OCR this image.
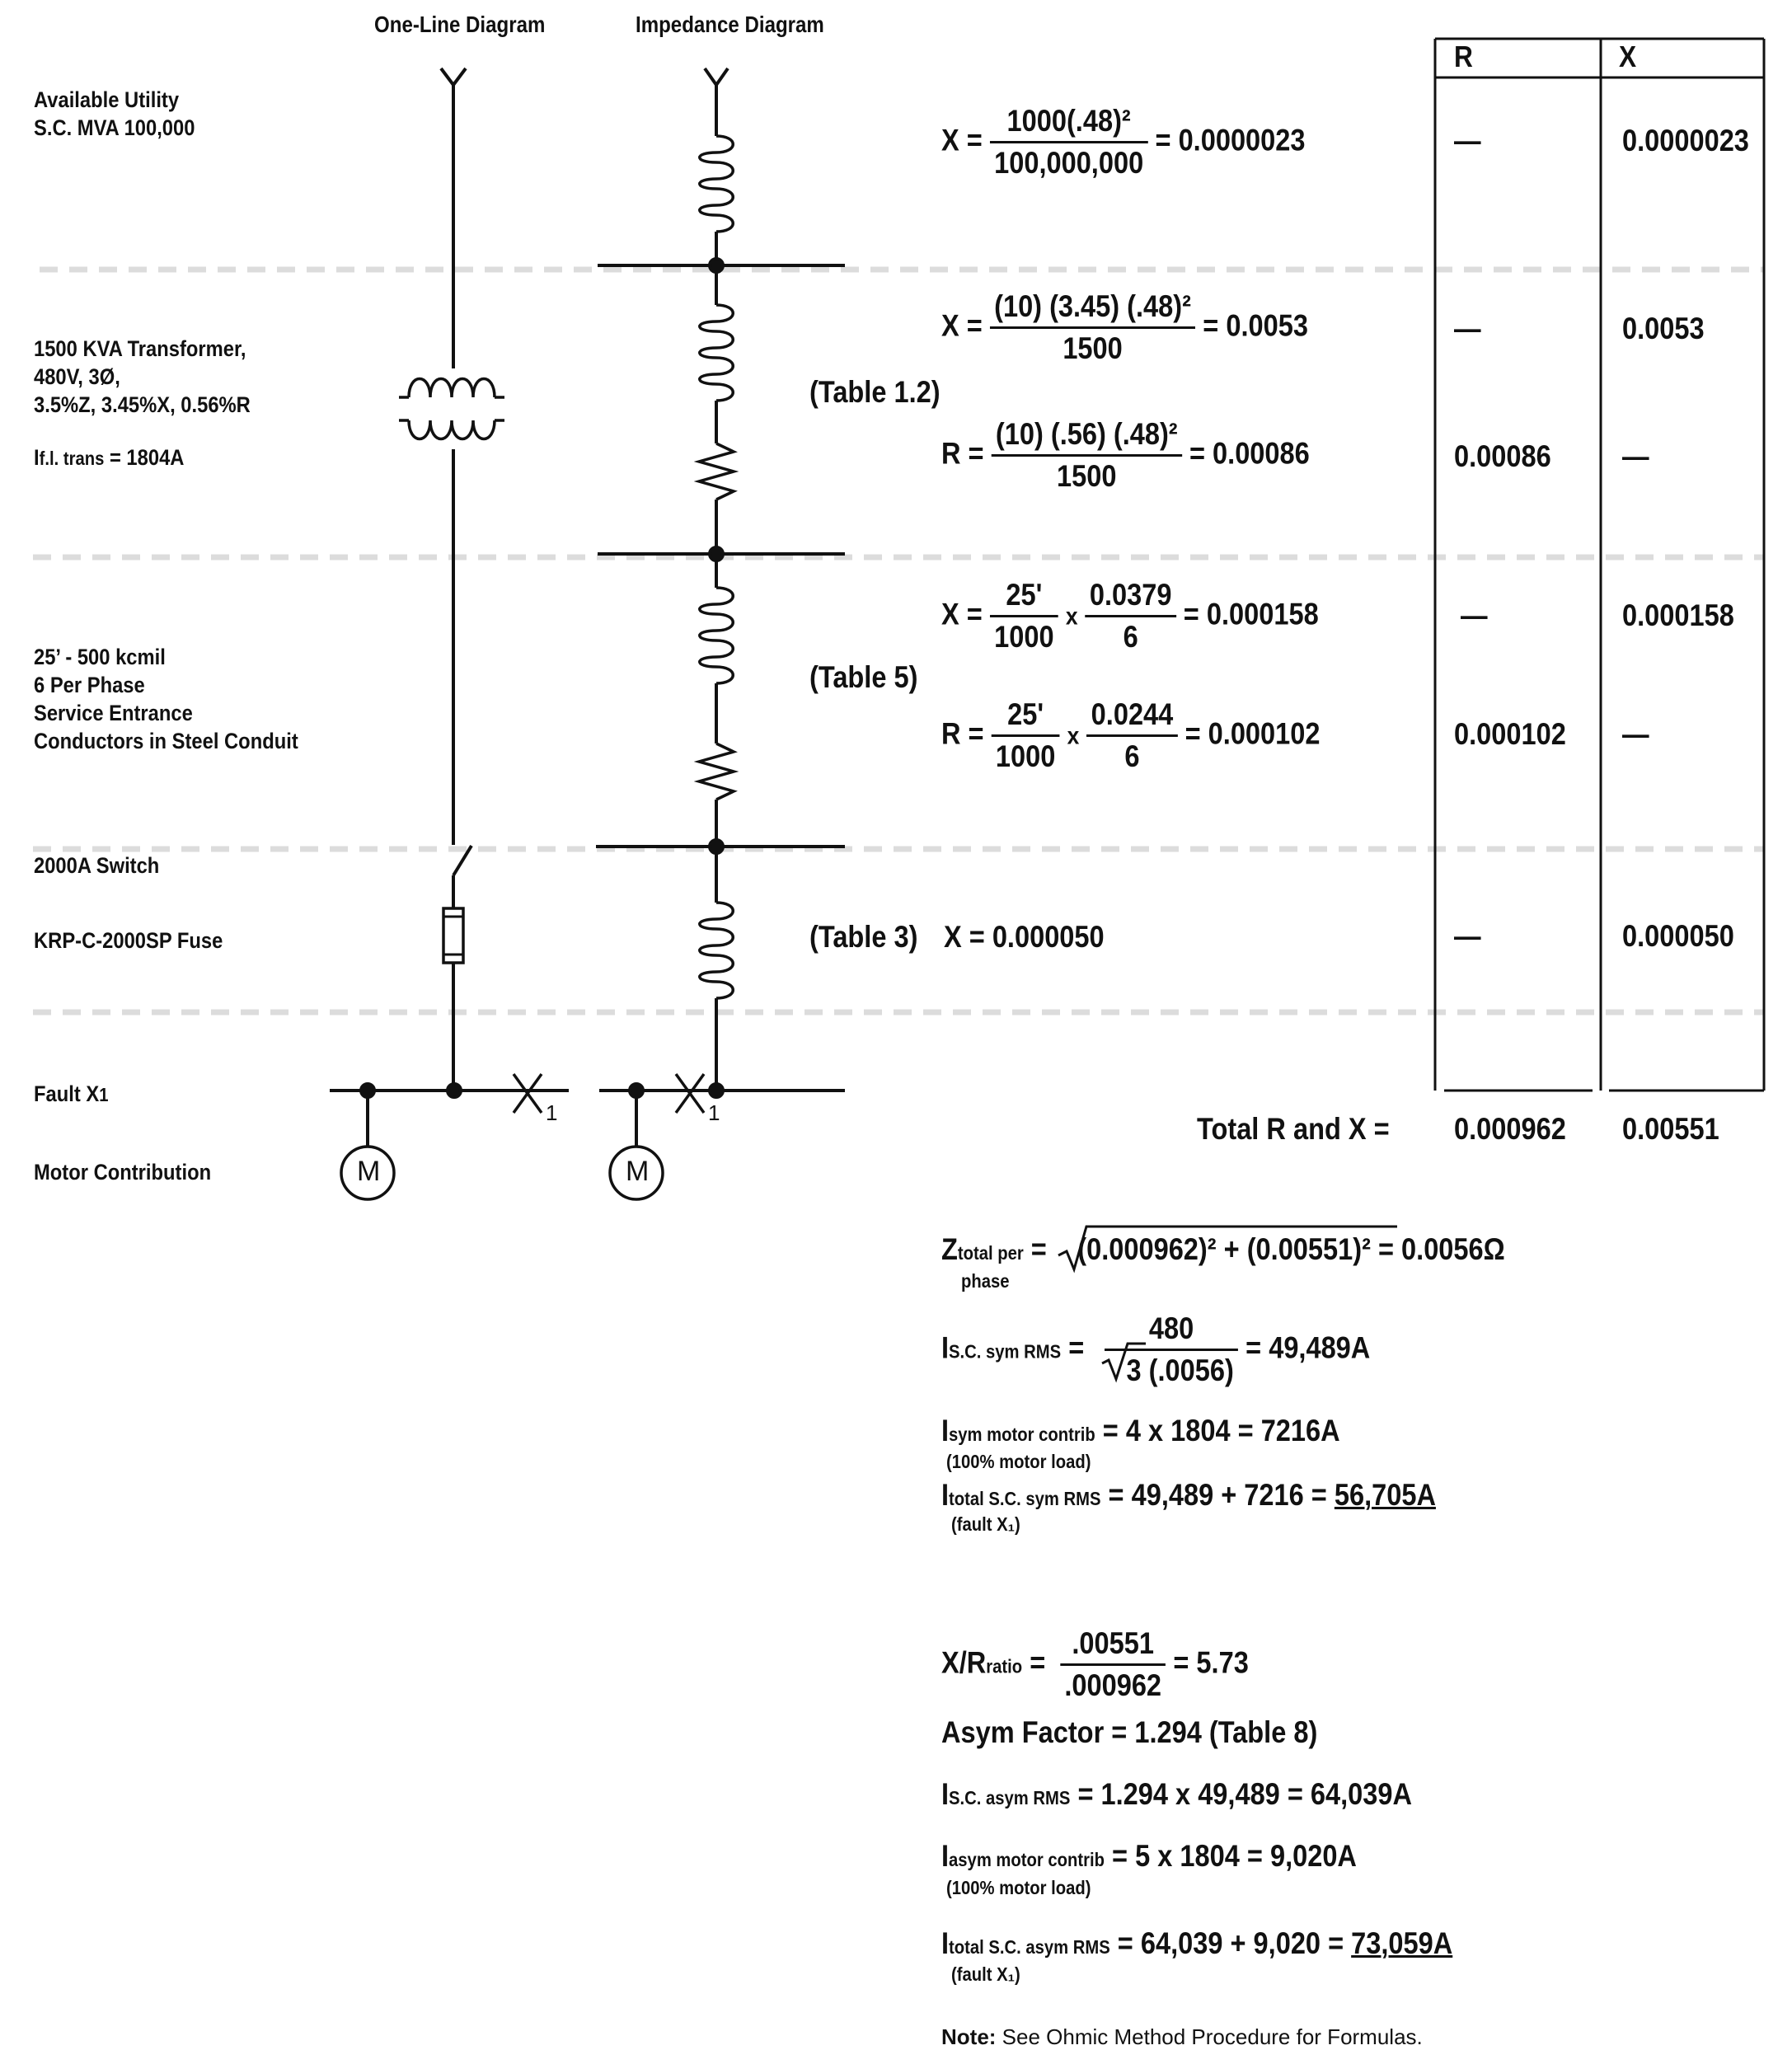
M	M
1	1
One-Line Diagram	Impedance Diagram
Available Utility
S.C. MVA 100,000
1500 KVA Transformer,
480V, 3Ø,
3.5%Z, 3.45%X, 0.56%R
If.l. trans = 1804A
25’ - 500 kcmil
6 Per Phase
Service Entrance
Conductors in Steel Conduit
2000A Switch
KRP-C-2000SP Fuse
Fault X1
Motor Contribution
(Table 1.2)
(Table 5)
(Table 3)
$X = \frac{\text{1000(.48)²}}{100,000,000} = 0.0000023$
$X = \frac{\text{(10) (3.45) (.48)²}}{1500} = 0.0053$
$R = \frac{\text{(10) (.56) (.48)²}}{1500} = 0.00086$
$X = \frac{25'}{1000}$ x $\frac{0.0379}{6} = 0.000158$
$R = \frac{25'}{1000}$ x $\frac{0.0244}{6} = 0.000102$
X = 0.000050
R	X
—	0.0000023
—	0.0053
0.00086 —
—	0.000158
0.000102 —
—	0.000050
Total R and X = 0.000962 0.00551
Ztotal per = (0.000962)² + (0.00551)² = 0.0056Ω
phase
IS.C. sym RMS = $\frac{480}{3 (.0056)} = 49,489A$
Isym motor contrib = 4 x 1804 = 7216A
(100% motor load)
Itotal S.C. sym RMS = 49,489 + 7216 = 56,705A
(fault X₁)
X/Rratio = $\frac{.00551}{.000962} = 5.73$
Asym Factor = 1.294 (Table 8)
IS.C. asym RMS = 1.294 x 49,489 = 64,039A
Iasym motor contrib = 5 x 1804 = 9,020A
(100% motor load)
Itotal S.C. asym RMS = 64,039 + 9,020 = 73,059A
(fault X₁)
Note: See Ohmic Method Procedure for Formulas.
